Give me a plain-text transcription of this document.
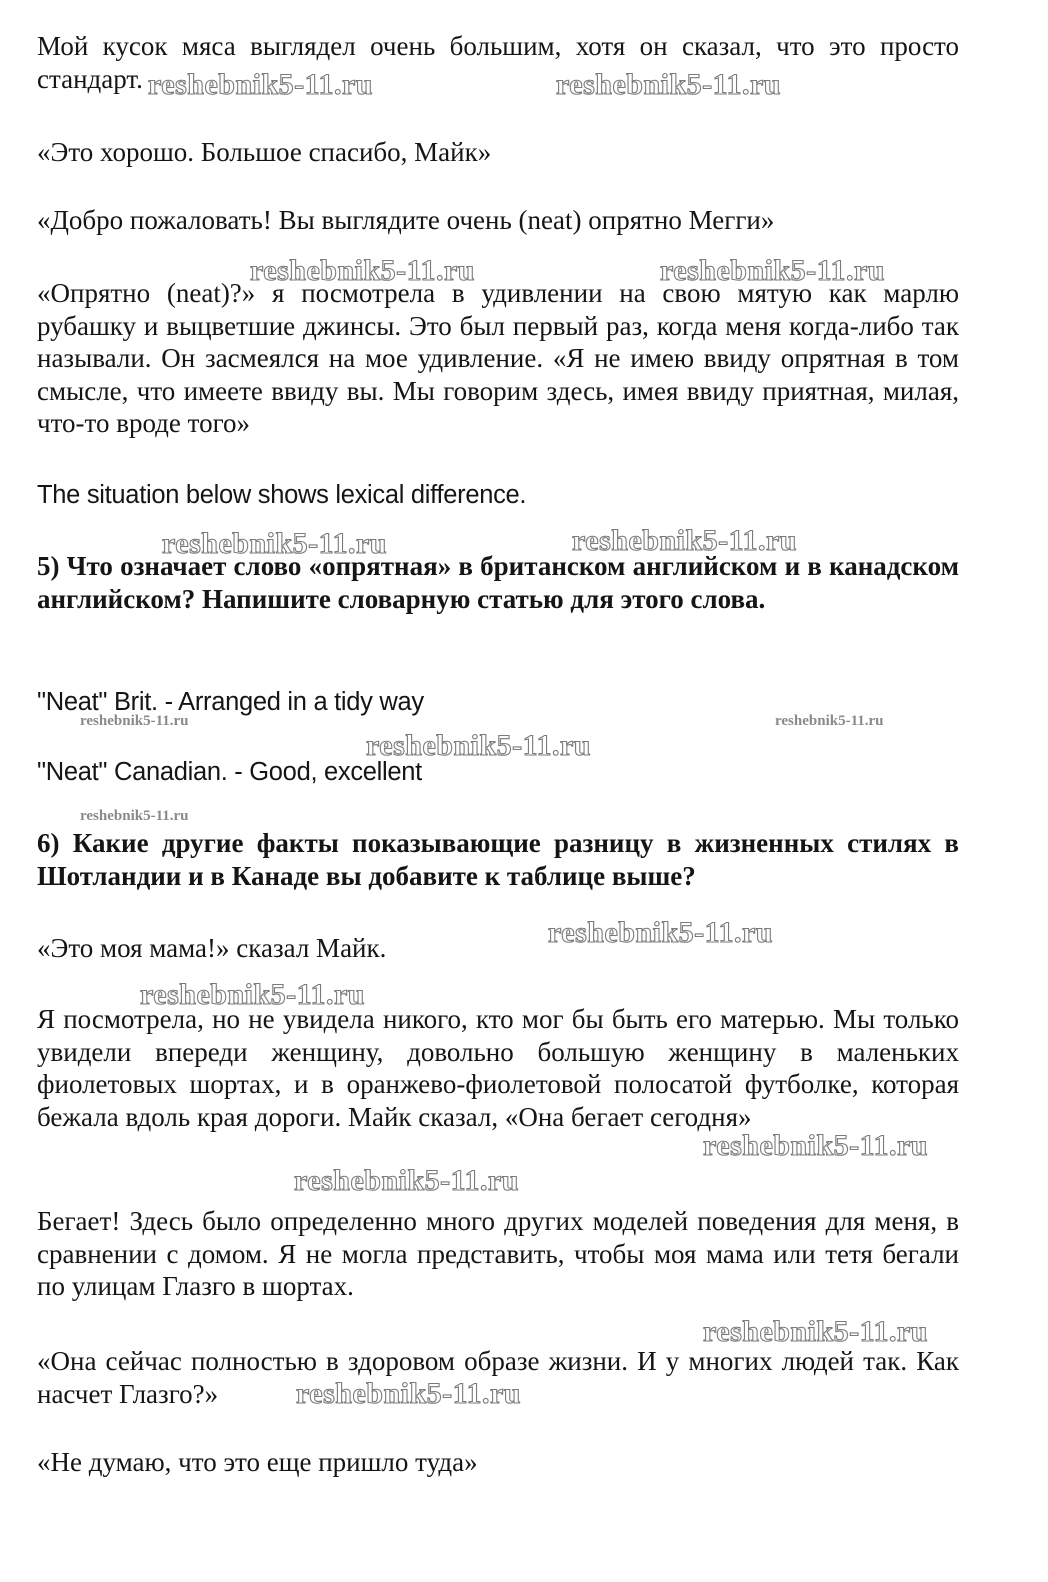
Мой кусок мяса выглядел очень большим, хотя он сказал, что это просто стандарт.

«Это хорошо. Большое спасибо, Майк»

«Добро пожаловать! Вы выглядите очень (neat) опрятно Мегги»

«Опрятно (neat)?» я посмотрела в удивлении на свою мятую как марлю рубашку и выцветшие джинсы. Это был первый раз, когда меня когда-либо так называли. Он засмеялся на мое удивление. «Я не имею ввиду опрятная в том смысле, что имеете ввиду вы. Мы говорим здесь, имея ввиду приятная, милая, что-то вроде того»

The situation below shows lexical difference.

5) Что означает слово «опрятная» в британском английском и в канадском английском? Напишите словарную статью для этого слова.

"Neat" Brit. - Arranged in a tidy way

"Neat" Canadian. - Good, excellent

6) Какие другие факты показывающие разницу в жизненных стилях в Шотландии и в Канаде вы добавите к таблице выше?

«Это моя мама!» сказал Майк.

Я посмотрела, но не увидела никого, кто мог бы быть его матерью. Мы только увидели впереди женщину, довольно большую женщину в маленьких фиолетовых шортах, и в оранжево-фиолетовой полосатой футболке, которая бежала вдоль края дороги. Майк сказал, «Она бегает сегодня»

Бегает! Здесь было определенно много других моделей поведения для меня, в сравнении с домом. Я не могла представить, чтобы моя мама или тетя бегали по улицам Глазго в шортах.

«Она сейчас полностью в здоровом образе жизни. И у многих людей так. Как насчет Глазго?»

«Не думаю, что это еще пришло туда»

reshebnik5-11.ru	reshebnik5-11.ru
reshebnik5-11.ru	reshebnik5-11.ru
reshebnik5-11.ru	reshebnik5-11.ru
reshebnik5-11.ru	reshebnik5-11.ru
reshebnik5-11.ru
reshebnik5-11.ru
reshebnik5-11.ru
reshebnik5-11.ru
reshebnik5-11.ru
reshebnik5-11.ru
reshebnik5-11.ru
reshebnik5-11.ru
